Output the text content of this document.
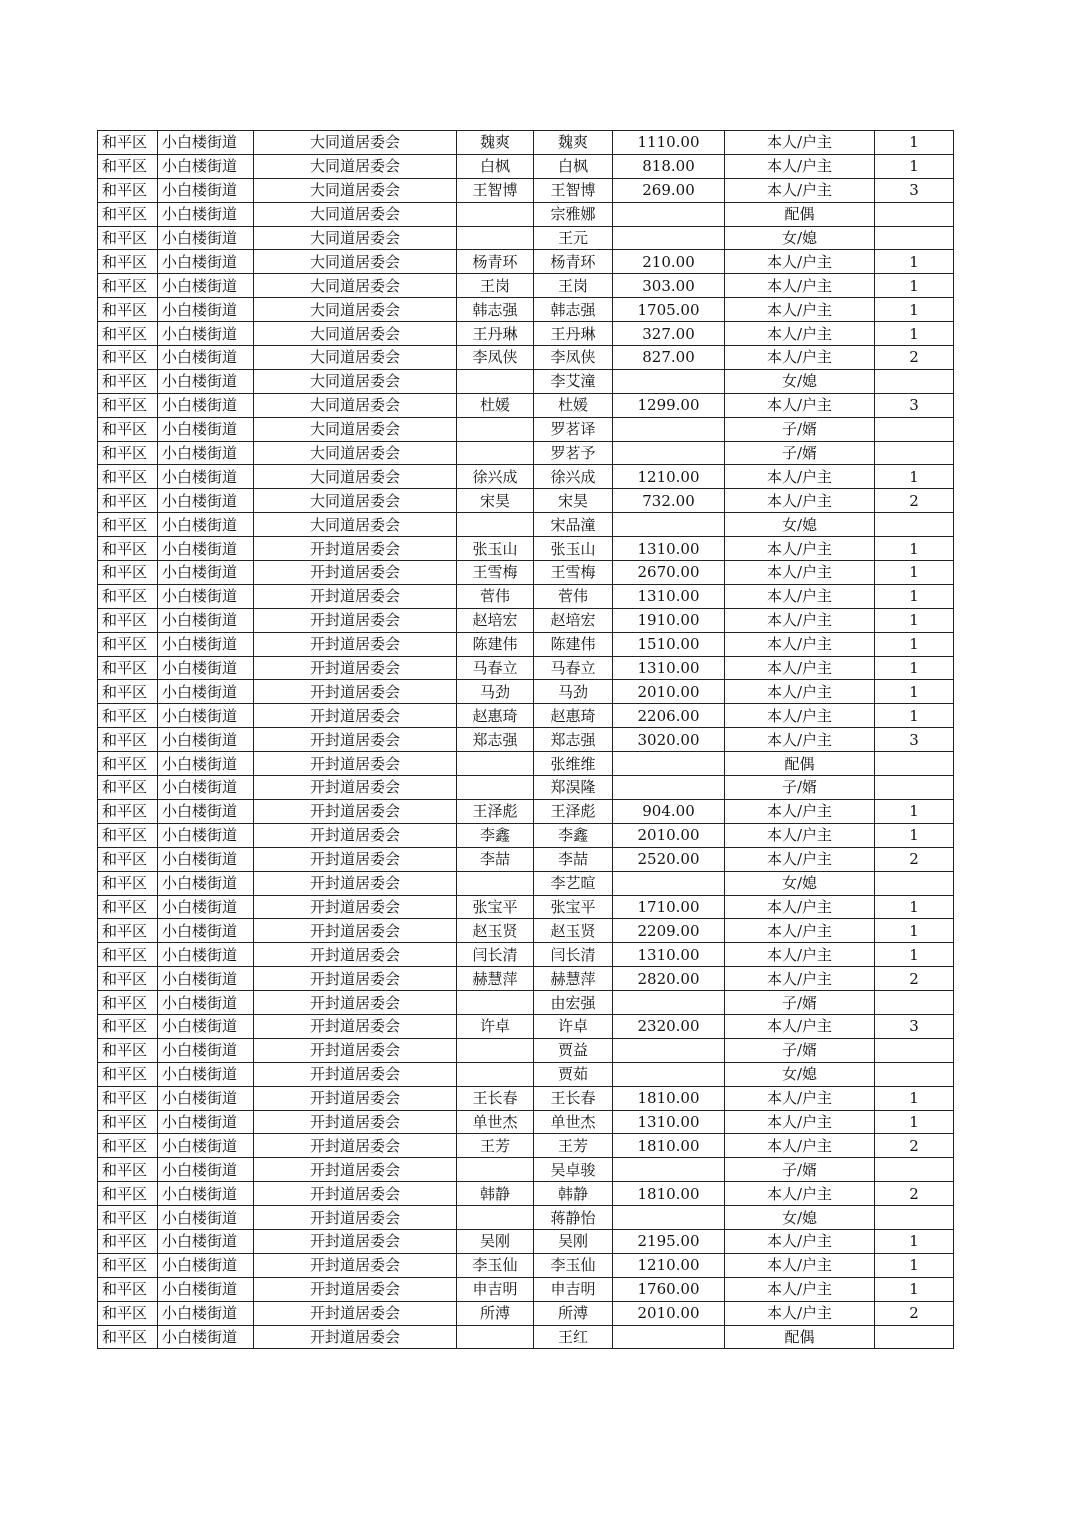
和平区	小白楼街道	大同道居委会	魏爽	魏爽	1110.00	本人/户主	1
和平区	小白楼街道	大同道居委会	白枫	白枫	818.00	本人/户主	1
和平区	小白楼街道	大同道居委会	王智博	王智博	269.00	本人/户主	3
和平区	小白楼街道	大同道居委会		宗雅娜		配偶	
和平区	小白楼街道	大同道居委会		王元		女/媳	
和平区	小白楼街道	大同道居委会	杨青环	杨青环	210.00	本人/户主	1
和平区	小白楼街道	大同道居委会	王岗	王岗	303.00	本人/户主	1
和平区	小白楼街道	大同道居委会	韩志强	韩志强	1705.00	本人/户主	1
和平区	小白楼街道	大同道居委会	王丹琳	王丹琳	327.00	本人/户主	1
和平区	小白楼街道	大同道居委会	李凤侠	李凤侠	827.00	本人/户主	2
和平区	小白楼街道	大同道居委会		李艾潼		女/媳	
和平区	小白楼街道	大同道居委会	杜媛	杜媛	1299.00	本人/户主	3
和平区	小白楼街道	大同道居委会		罗茗译		子/婿	
和平区	小白楼街道	大同道居委会		罗茗予		子/婿	
和平区	小白楼街道	大同道居委会	徐兴成	徐兴成	1210.00	本人/户主	1
和平区	小白楼街道	大同道居委会	宋昊	宋昊	732.00	本人/户主	2
和平区	小白楼街道	大同道居委会		宋品潼		女/媳	
和平区	小白楼街道	开封道居委会	张玉山	张玉山	1310.00	本人/户主	1
和平区	小白楼街道	开封道居委会	王雪梅	王雪梅	2670.00	本人/户主	1
和平区	小白楼街道	开封道居委会	菅伟	菅伟	1310.00	本人/户主	1
和平区	小白楼街道	开封道居委会	赵培宏	赵培宏	1910.00	本人/户主	1
和平区	小白楼街道	开封道居委会	陈建伟	陈建伟	1510.00	本人/户主	1
和平区	小白楼街道	开封道居委会	马春立	马春立	1310.00	本人/户主	1
和平区	小白楼街道	开封道居委会	马劲	马劲	2010.00	本人/户主	1
和平区	小白楼街道	开封道居委会	赵惠琦	赵惠琦	2206.00	本人/户主	1
和平区	小白楼街道	开封道居委会	郑志强	郑志强	3020.00	本人/户主	3
和平区	小白楼街道	开封道居委会		张维维		配偶	
和平区	小白楼街道	开封道居委会		郑淏隆		子/婿	
和平区	小白楼街道	开封道居委会	王泽彪	王泽彪	904.00	本人/户主	1
和平区	小白楼街道	开封道居委会	李鑫	李鑫	2010.00	本人/户主	1
和平区	小白楼街道	开封道居委会	李喆	李喆	2520.00	本人/户主	2
和平区	小白楼街道	开封道居委会		李艺暄		女/媳	
和平区	小白楼街道	开封道居委会	张宝平	张宝平	1710.00	本人/户主	1
和平区	小白楼街道	开封道居委会	赵玉贤	赵玉贤	2209.00	本人/户主	1
和平区	小白楼街道	开封道居委会	闫长清	闫长清	1310.00	本人/户主	1
和平区	小白楼街道	开封道居委会	赫慧萍	赫慧萍	2820.00	本人/户主	2
和平区	小白楼街道	开封道居委会		由宏强		子/婿	
和平区	小白楼街道	开封道居委会	许卓	许卓	2320.00	本人/户主	3
和平区	小白楼街道	开封道居委会		贾益		子/婿	
和平区	小白楼街道	开封道居委会		贾茹		女/媳	
和平区	小白楼街道	开封道居委会	王长春	王长春	1810.00	本人/户主	1
和平区	小白楼街道	开封道居委会	单世杰	单世杰	1310.00	本人/户主	1
和平区	小白楼街道	开封道居委会	王芳	王芳	1810.00	本人/户主	2
和平区	小白楼街道	开封道居委会		吴卓骏		子/婿	
和平区	小白楼街道	开封道居委会	韩静	韩静	1810.00	本人/户主	2
和平区	小白楼街道	开封道居委会		蒋静怡		女/媳	
和平区	小白楼街道	开封道居委会	吴刚	吴刚	2195.00	本人/户主	1
和平区	小白楼街道	开封道居委会	李玉仙	李玉仙	1210.00	本人/户主	1
和平区	小白楼街道	开封道居委会	申吉明	申吉明	1760.00	本人/户主	1
和平区	小白楼街道	开封道居委会	所溥	所溥	2010.00	本人/户主	2
和平区	小白楼街道	开封道居委会		王红		配偶	
